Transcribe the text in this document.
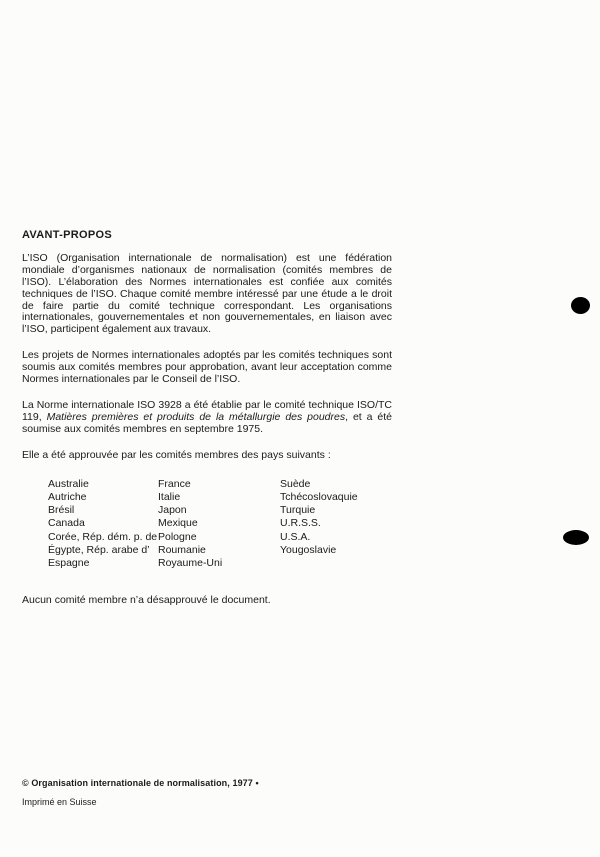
AVANT-PROPOS

L’ISO (Organisation internationale de normalisation) est une fédération mondiale d’organismes nationaux de normalisation (comités membres de l’ISO). L’élaboration des Normes internationales est confiée aux comités techniques de l’ISO. Chaque comité membre intéressé par une étude a le droit de faire partie du comité technique correspondant. Les organisations internationales, gouvernementales et non gouvernementales, en liaison avec l’ISO, participent également aux travaux.

Les projets de Normes internationales adoptés par les comités techniques sont soumis aux comités membres pour approbation, avant leur acceptation comme Normes internationales par le Conseil de l’ISO.

La Norme internationale ISO 3928 a été établie par le comité technique ISO/TC 119, Matières premières et produits de la métallurgie des poudres, et a été soumise aux comités membres en septembre 1975.

Elle a été approuvée par les comités membres des pays suivants :

Australie
Autriche
Brésil
Canada
Corée, Rép. dém. p. de
Égypte, Rép. arabe d’
Espagne
France
Italie
Japon
Mexique
Pologne
Roumanie
Royaume-Uni
Suède
Tchécoslovaquie
Turquie
U.R.S.S.
U.S.A.
Yougoslavie

Aucun comité membre n’a désapprouvé le document.

© Organisation internationale de normalisation, 1977 •
Imprimé en Suisse
